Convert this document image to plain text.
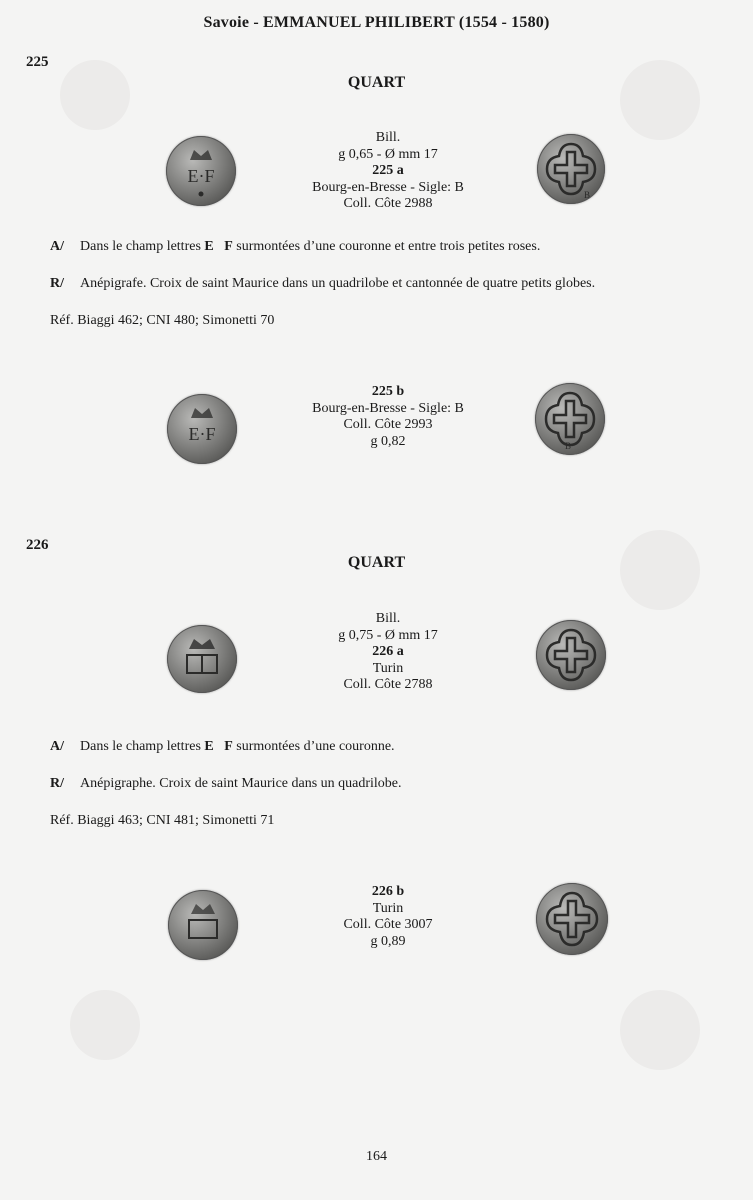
Savoie - EMMANUEL PHILIBERT (1554 - 1580)
225
QUART
E·F
B
Bill.
g 0,65 - Ø mm 17
225 a
Bourg-en-Bresse - Sigle: B
Coll. Côte 2988
A/ Dans le champ lettres E   F surmontées d’une couronne et entre trois petites roses.
R/ Anépigrafe. Croix de saint Maurice dans un quadrilobe et cantonnée de quatre petits globes.
Réf. Biaggi 462; CNI 480; Simonetti 70
E·F
B
225 b
Bourg-en-Bresse - Sigle: B
Coll. Côte 2993
g 0,82
226
QUART
Bill.
g 0,75 - Ø mm 17
226 a
Turin
Coll. Côte 2788
A/ Dans le champ lettres E   F surmontées d’une couronne.
R/ Anépigraphe. Croix de saint Maurice dans un quadrilobe.
Réf. Biaggi 463; CNI 481; Simonetti 71
226 b
Turin
Coll. Côte 3007
g 0,89
164
